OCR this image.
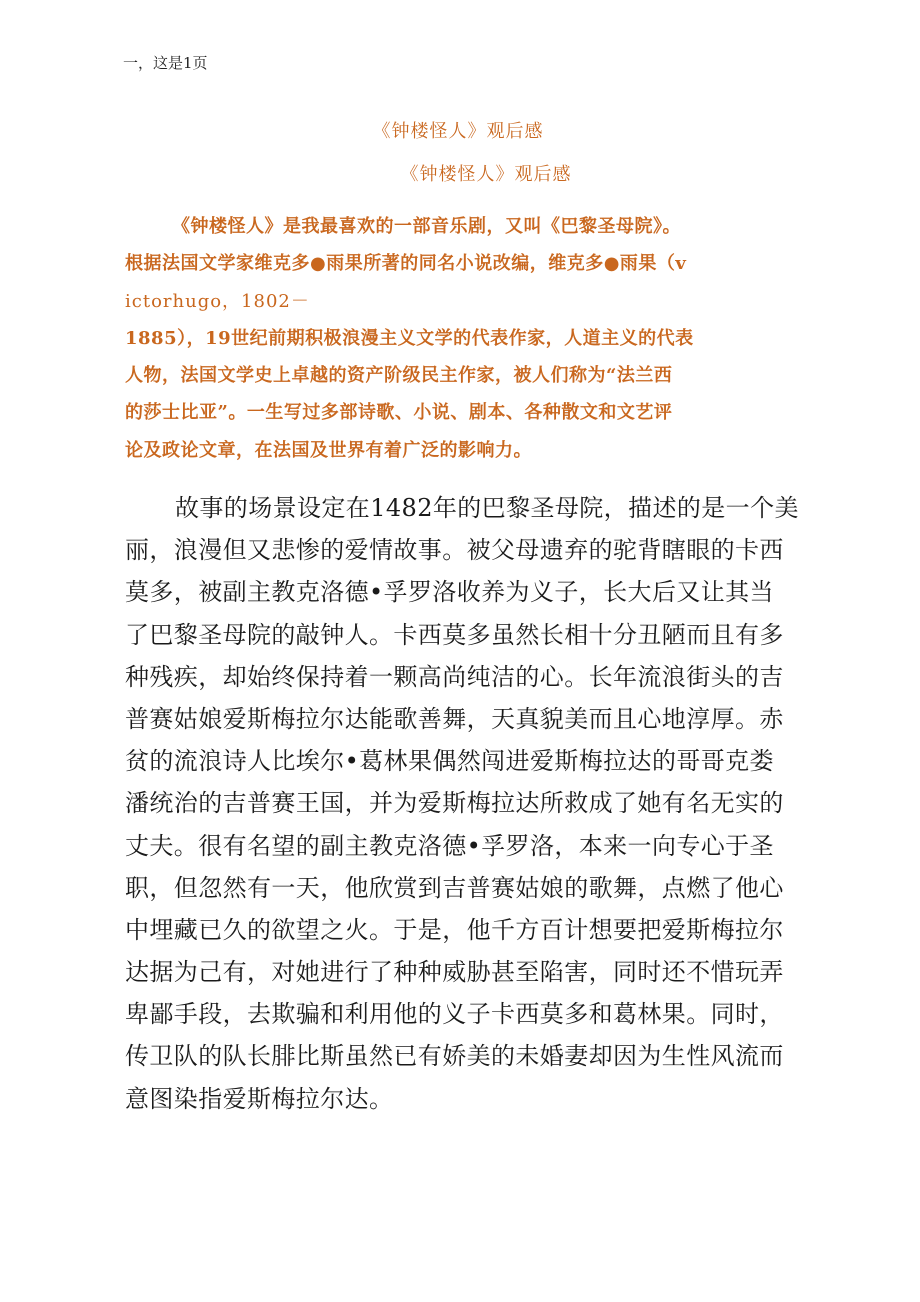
一，这是1页
《钟楼怪人》观后感
《钟楼怪人》观后感
《钟楼怪人》是我最喜欢的一部音乐剧，又叫《巴黎圣母院》。
根据法国文学家维克多●雨果所著的同名小说改编，维克多●雨果（v
ictorhugo，1802－
1885），19世纪前期积极浪漫主义文学的代表作家，人道主义的代表
人物，法国文学史上卓越的资产阶级民主作家，被人们称为“法兰西
的莎士比亚”。一生写过多部诗歌、小说、剧本、各种散文和文艺评
论及政论文章，在法国及世界有着广泛的影响力。
故事的场景设定在1482年的巴黎圣母院，描述的是一个美
丽，浪漫但又悲惨的爱情故事。被父母遗弃的驼背瞎眼的卡西
莫多，被副主教克洛德•孚罗洛收养为义子，长大后又让其当
了巴黎圣母院的敲钟人。卡西莫多虽然长相十分丑陋而且有多
种残疾，却始终保持着一颗高尚纯洁的心。长年流浪街头的吉
普赛姑娘爱斯梅拉尔达能歌善舞，天真貌美而且心地淳厚。赤
贫的流浪诗人比埃尔•葛林果偶然闯进爱斯梅拉达的哥哥克娄
潘统治的吉普赛王国，并为爱斯梅拉达所救成了她有名无实的
丈夫。很有名望的副主教克洛德•孚罗洛，本来一向专心于圣
职，但忽然有一天，他欣赏到吉普赛姑娘的歌舞，点燃了他心
中埋藏已久的欲望之火。于是，他千方百计想要把爱斯梅拉尔
达据为己有，对她进行了种种威胁甚至陷害，同时还不惜玩弄
卑鄙手段，去欺骗和利用他的义子卡西莫多和葛林果。同时，
传卫队的队长腓比斯虽然已有娇美的未婚妻却因为生性风流而
意图染指爱斯梅拉尔达。
